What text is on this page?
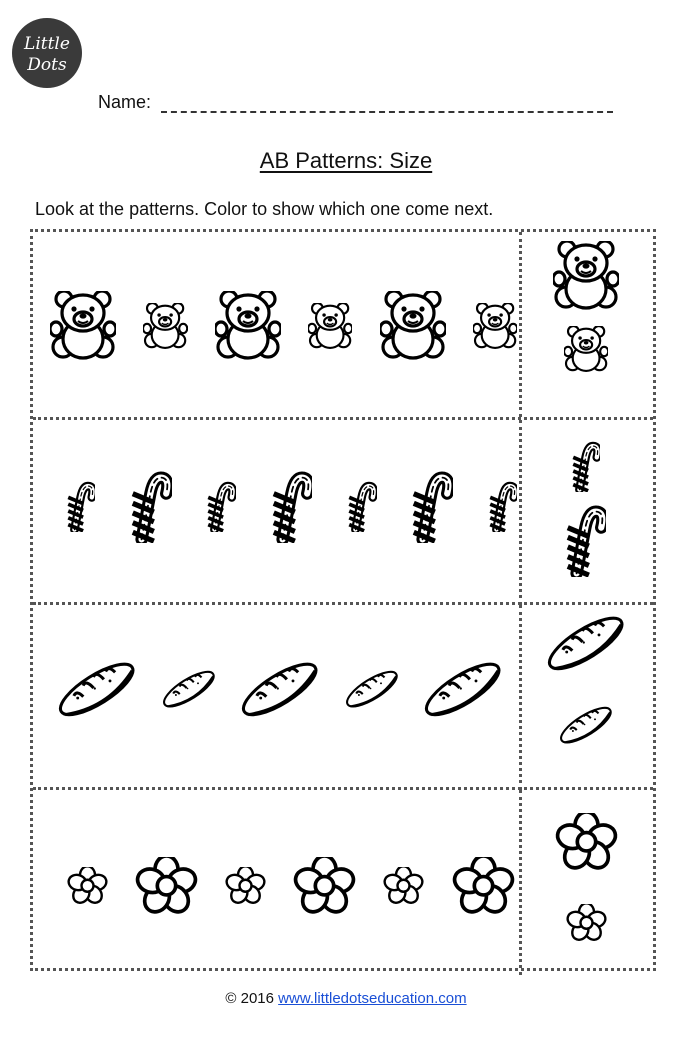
Little
Dots
Name:
AB Patterns: Size
Look at the patterns. Color to show which one come next.
© 2016 www.littledotseducation.com
